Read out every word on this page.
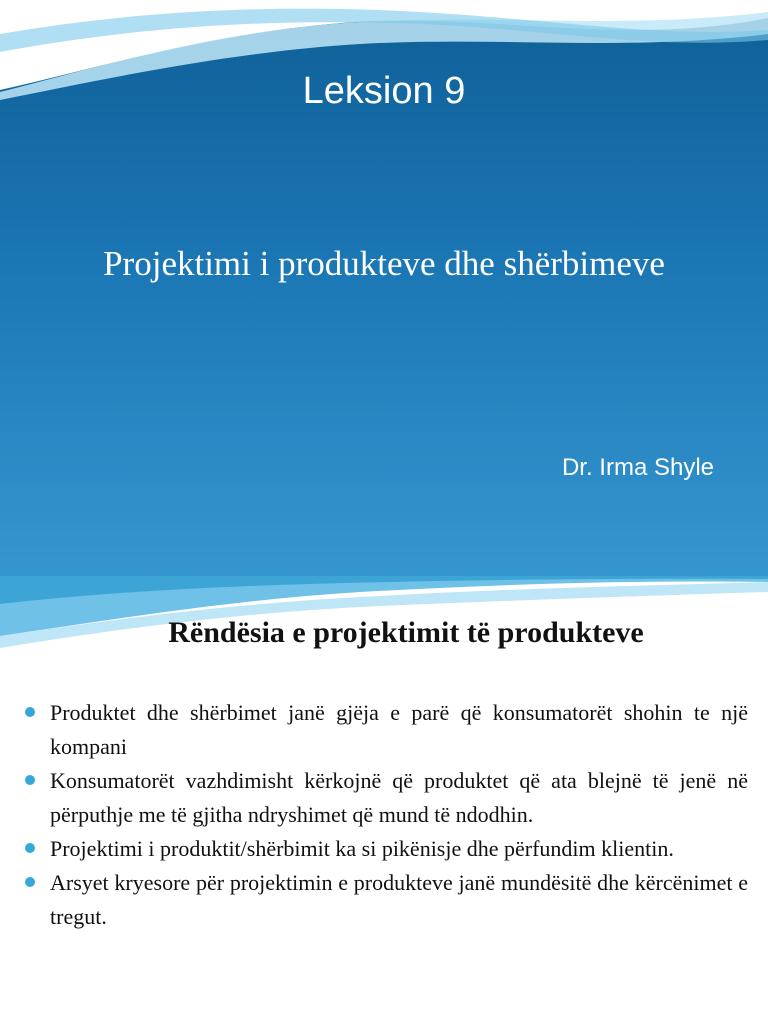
Leksion 9
Projektimi i produkteve dhe shërbimeve
Dr. Irma Shyle
Rëndësia e projektimit të produkteve
Produktet dhe shërbimet janë gjëja e parë që konsumatorët shohin te një kompani
Konsumatorët vazhdimisht kërkojnë që produktet që ata blejnë të jenë në përputhje me të gjitha ndryshimet që mund të ndodhin.
Projektimi i produktit/shërbimit ka si pikënisje dhe përfundim klientin.
Arsyet kryesore për projektimin e produkteve janë mundësitë dhe kërcënimet e tregut.
